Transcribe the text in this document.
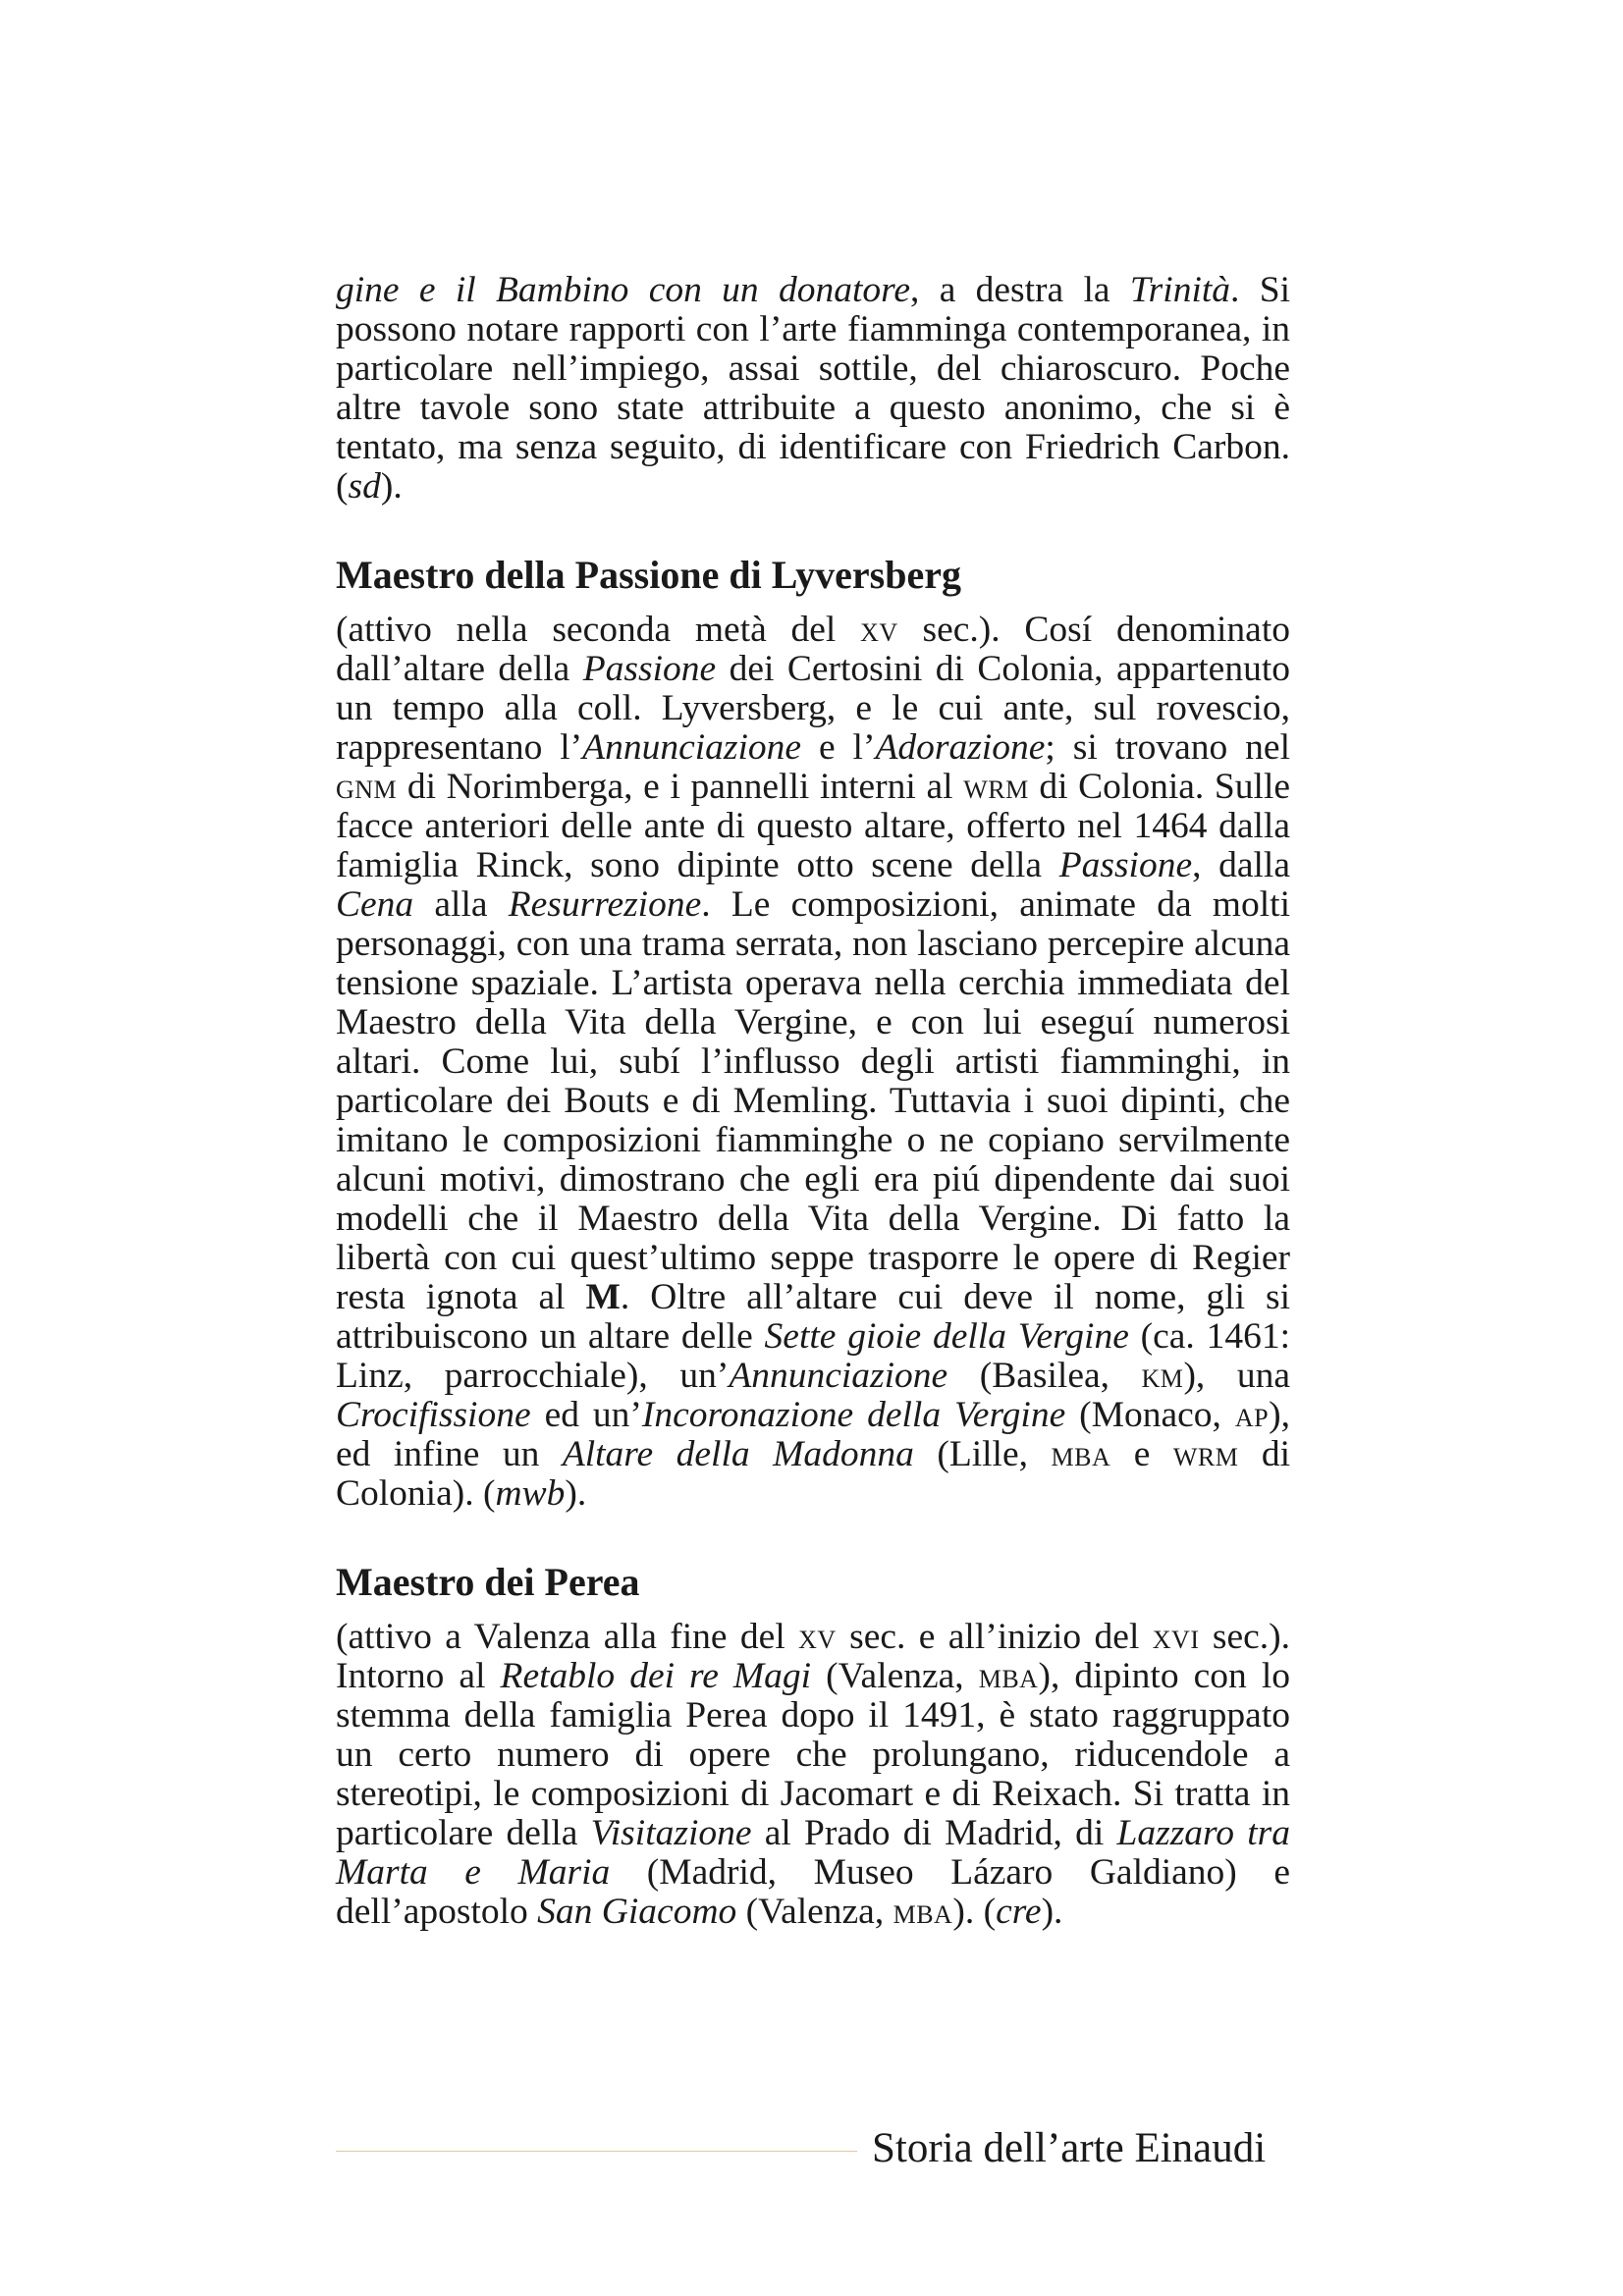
gine e il Bambino con un donatore, a destra la Trinità. Si possono notare rapporti con l’arte fiamminga contemporanea, in particolare nell’impiego, assai sottile, del chiaroscuro. Poche altre tavole sono state attribuite a questo anonimo, che si è tentato, ma senza seguito, di identificare con Friedrich Carbon. (sd).

Maestro della Passione di Lyversberg

(attivo nella seconda metà del xv sec.). Cosí denominato dall’altare della Passione dei Certosini di Colonia, appartenuto un tempo alla coll. Lyversberg, e le cui ante, sul rovescio, rappresentano l’Annunciazione e l’Adorazione; si trovano nel gnm di Norimberga, e i pannelli interni al wrm di Colonia. Sulle facce anteriori delle ante di questo altare, offerto nel 1464 dalla famiglia Rinck, sono dipinte otto scene della Passione, dalla Cena alla Resurrezione. Le composizioni, animate da molti personaggi, con una trama serrata, non lasciano percepire alcuna tensione spaziale. L’artista operava nella cerchia immediata del Maestro della Vita della Vergine, e con lui eseguí numerosi altari. Come lui, subí l’influsso degli artisti fiamminghi, in particolare dei Bouts e di Memling. Tuttavia i suoi dipinti, che imitano le composizioni fiamminghe o ne copiano servilmente alcuni motivi, dimostrano che egli era piú dipendente dai suoi modelli che il Maestro della Vita della Vergine. Di fatto la libertà con cui quest’ultimo seppe trasporre le opere di Regier resta ignota al M. Oltre all’altare cui deve il nome, gli si attribuiscono un altare delle Sette gioie della Vergine (ca. 1461: Linz, parrocchiale), un’Annunciazione (Basilea, km), una Crocifissione ed un’Incoronazione della Vergine (Monaco, ap), ed infine un Altare della Madonna (Lille, mba e wrm di Colonia). (mwb).

Maestro dei Perea

(attivo a Valenza alla fine del xv sec. e all’inizio del xvi sec.). Intorno al Retablo dei re Magi (Valenza, mba), dipinto con lo stemma della famiglia Perea dopo il 1491, è stato raggruppato un certo numero di opere che prolungano, riducendole a stereotipi, le composizioni di Jacomart e di Reixach. Si tratta in particolare della Visitazione al Prado di Madrid, di Lazzaro tra Marta e Maria (Madrid, Museo Lázaro Galdiano) e dell’apostolo San Giacomo (Valenza, mba). (cre).

Storia dell’arte Einaudi
